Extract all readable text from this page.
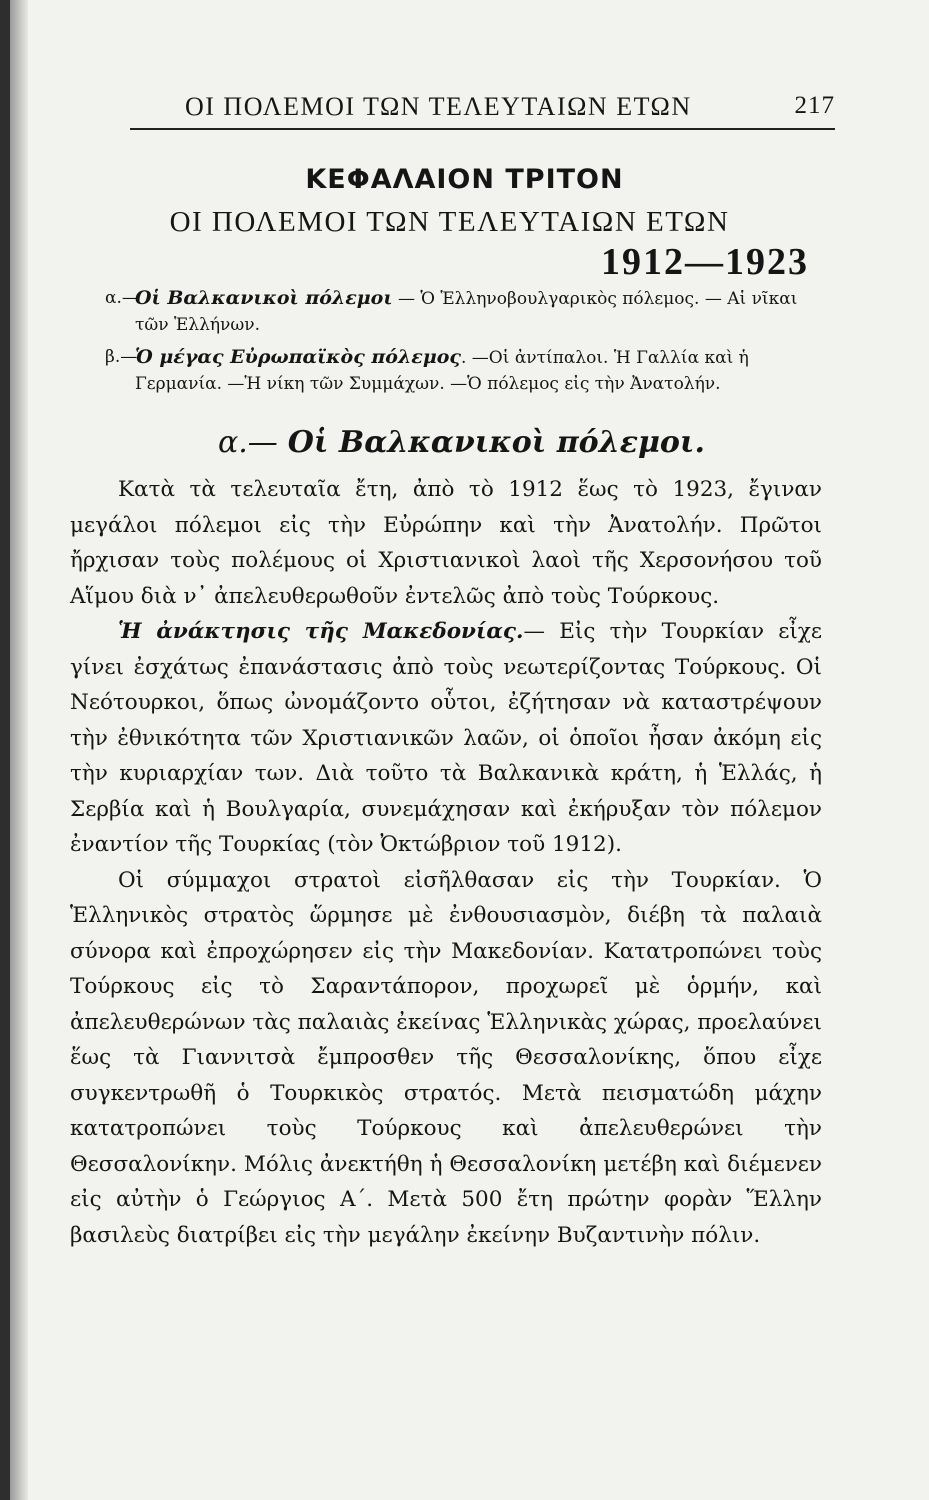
ΟΙ ΠΟΛΕΜΟΙ ΤΩΝ ΤΕΛΕΥΤΑΙΩΝ ΕΤΩΝ	217
ΚΕΦΑΛΑΙΟΝ ΤΡΙΤΟΝ
ΟΙ ΠΟΛΕΜΟΙ ΤΩΝ ΤΕΛΕΥΤΑΙΩΝ ΕΤΩΝ
1912—1923

α.—
Οἱ Βαλκανικοὶ πόλεμοι — Ὁ Ἑλληνοβουλγαρικὸς πόλεμος. — Αἱ νῖκαι τῶν Ἑλλήνων.

β.—
Ὁ μέγας Εὐρωπαϊκὸς πόλεμος. —Οἱ ἀντίπαλοι. Ἡ Γαλλία καὶ ἡ Γερμανία. —Ἡ νίκη τῶν Συμμάχων. —Ὁ πόλεμος εἰς τὴν Ἀνατολήν.

α.— Οἱ Βαλκανικοὶ πόλεμοι.

Κατὰ τὰ τελευταῖα ἔτη, ἀπὸ τὸ 1912 ἕως τὸ 1923, ἔγιναν μεγάλοι πόλεμοι εἰς τὴν Εὐρώπην καὶ τὴν Ἀνατολήν. Πρῶτοι ἤρχισαν τοὺς πολέμους οἱ Χριστιανικοὶ λαοὶ τῆς Χερσονήσου τοῦ Αἵμου διὰ ν᾽ ἀπελευθερωθοῦν ἐντελῶς ἀπὸ τοὺς Τούρκους.

Ἡ ἀνάκτησις τῆς Μακεδονίας.— Εἰς τὴν Τουρκίαν εἶχε γίνει ἐσχάτως ἐπανάστασις ἀπὸ τοὺς νεωτερίζοντας Τούρκους. Οἱ Νεότουρκοι, ὅπως ὠνομάζοντο οὗτοι, ἐζήτησαν νὰ καταστρέψουν τὴν ἐθνικότητα τῶν Χριστιανικῶν λαῶν, οἱ ὁποῖοι ἦσαν ἀκόμη εἰς τὴν κυριαρχίαν των. Διὰ τοῦτο τὰ Βαλκανικὰ κράτη, ἡ Ἑλλάς, ἡ Σερβία καὶ ἡ Βουλγαρία, συνεμάχησαν καὶ ἐκήρυξαν τὸν πόλεμον ἐναντίον τῆς Τουρκίας (τὸν Ὀκτώβριον τοῦ 1912).

Οἱ σύμμαχοι στρατοὶ εἰσῆλθασαν εἰς τὴν Τουρκίαν. Ὁ Ἑλληνικὸς στρατὸς ὥρμησε μὲ ἐνθουσιασμὸν, διέβη τὰ παλαιὰ σύνορα καὶ ἐπροχώρησεν εἰς τὴν Μακεδονίαν. Κατατροπώνει τοὺς Τούρκους εἰς τὸ Σαραντάπορον, προχωρεῖ μὲ ὁρμήν, καὶ ἀπελευθερώνων τὰς παλαιὰς ἐκείνας Ἑλληνικὰς χώρας, προελαύνει ἕως τὰ Γιαννιτσὰ ἔμπροσθεν τῆς Θεσσαλονίκης, ὅπου εἶχε συγκεντρωθῆ ὁ Τουρκικὸς στρατός. Μετὰ πεισματώδη μάχην κατατροπώνει τοὺς Τούρκους καὶ ἀπελευθερώνει τὴν Θεσσαλονίκην. Μόλις ἀνεκτήθη ἡ Θεσσαλονίκη μετέβη καὶ διέμενεν εἰς αὐτὴν ὁ Γεώργιος Α΄. Μετὰ 500 ἔτη πρώτην φορὰν Ἕλλην βασιλεὺς διατρίβει εἰς τὴν μεγάλην ἐκείνην Βυζαντινὴν πόλιν.
